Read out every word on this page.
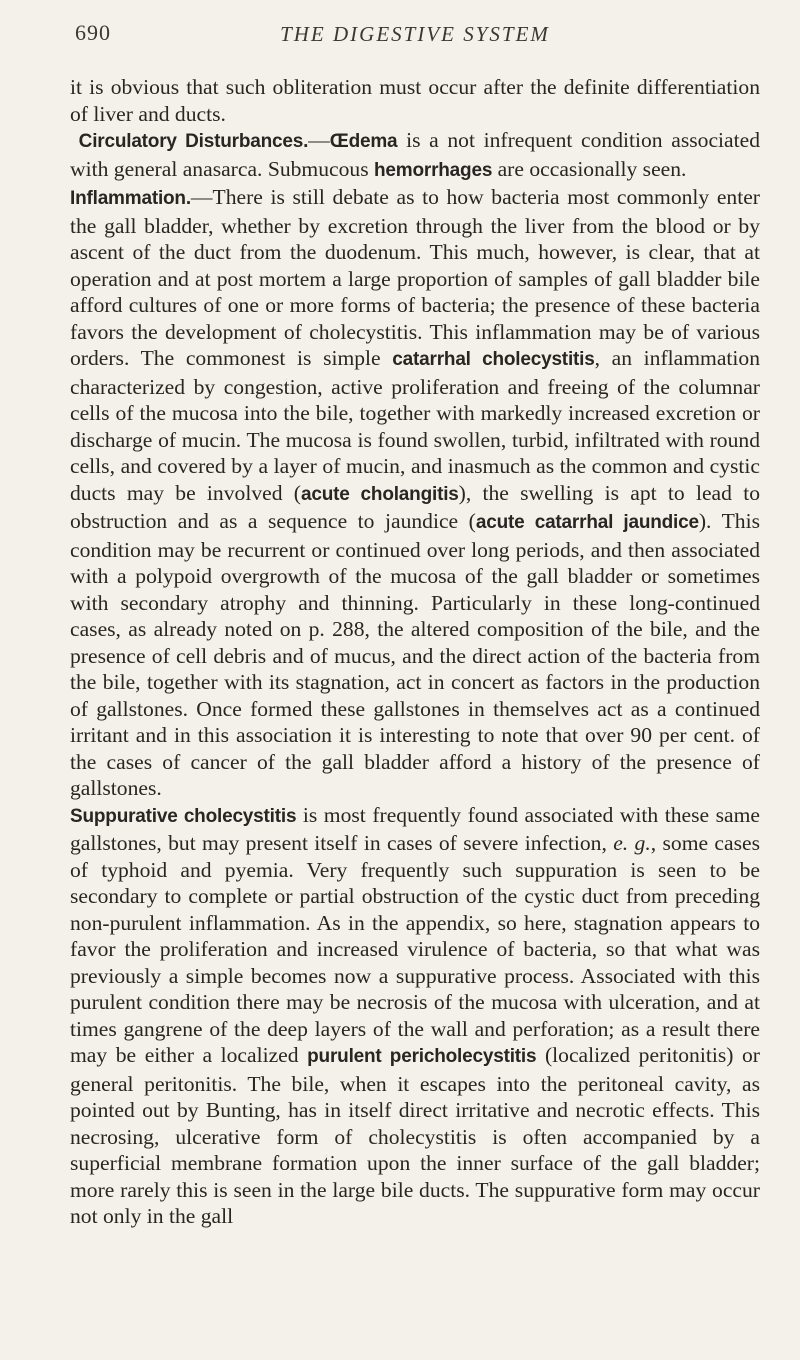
690	THE DIGESTIVE SYSTEM

it is obvious that such obliteration must occur after the definite differentiation of liver and ducts.

Circulatory Disturbances.—Œdema is a not infrequent condition associated with general anasarca. Submucous hemorrhages are occasionally seen.

Inflammation.—There is still debate as to how bacteria most commonly enter the gall bladder, whether by excretion through the liver from the blood or by ascent of the duct from the duodenum. This much, however, is clear, that at operation and at post mortem a large proportion of samples of gall bladder bile afford cultures of one or more forms of bacteria; the presence of these bacteria favors the development of cholecystitis. This inflammation may be of various orders. The commonest is simple catarrhal cholecystitis, an inflammation characterized by congestion, active proliferation and freeing of the columnar cells of the mucosa into the bile, together with markedly increased excretion or discharge of mucin. The mucosa is found swollen, turbid, infiltrated with round cells, and covered by a layer of mucin, and inasmuch as the common and cystic ducts may be involved (acute cholangitis), the swelling is apt to lead to obstruction and as a sequence to jaundice (acute catarrhal jaundice). This condition may be recurrent or continued over long periods, and then associated with a polypoid overgrowth of the mucosa of the gall bladder or sometimes with secondary atrophy and thinning. Particularly in these long-continued cases, as already noted on p. 288, the altered composition of the bile, and the presence of cell debris and of mucus, and the direct action of the bacteria from the bile, together with its stagnation, act in concert as factors in the production of gallstones. Once formed these gallstones in themselves act as a continued irritant and in this association it is interesting to note that over 90 per cent. of the cases of cancer of the gall bladder afford a history of the presence of gallstones.

Suppurative cholecystitis is most frequently found associated with these same gallstones, but may present itself in cases of severe infection, e. g., some cases of typhoid and pyemia. Very frequently such suppuration is seen to be secondary to complete or partial obstruction of the cystic duct from preceding non-purulent inflammation. As in the appendix, so here, stagnation appears to favor the proliferation and increased virulence of bacteria, so that what was previously a simple becomes now a suppurative process. Associated with this purulent condition there may be necrosis of the mucosa with ulceration, and at times gangrene of the deep layers of the wall and perforation; as a result there may be either a localized purulent pericholecystitis (localized peritonitis) or general peritonitis. The bile, when it escapes into the peritoneal cavity, as pointed out by Bunting, has in itself direct irritative and necrotic effects. This necrosing, ulcerative form of cholecystitis is often accompanied by a superficial membrane formation upon the inner surface of the gall bladder; more rarely this is seen in the large bile ducts. The suppurative form may occur not only in the gall
